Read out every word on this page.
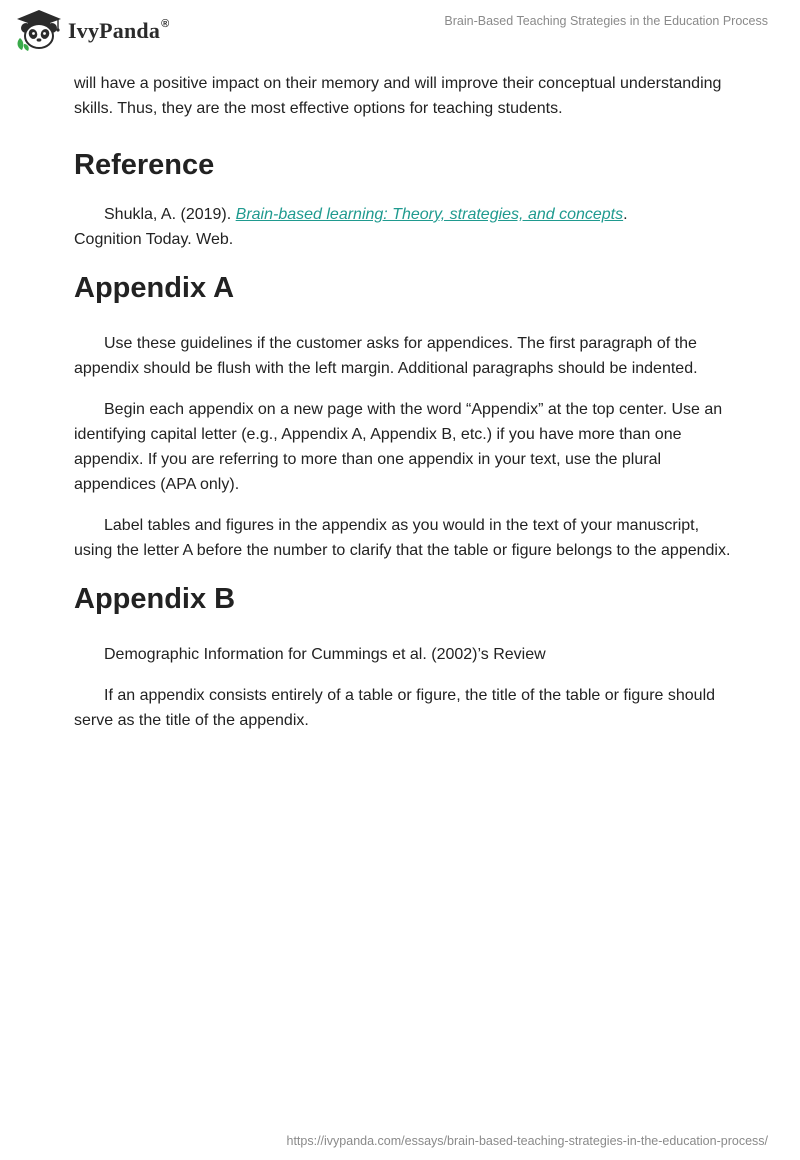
IvyPanda®	Brain-Based Teaching Strategies in the Education Process

will have a positive impact on their memory and will improve their conceptual understanding skills. Thus, they are the most effective options for teaching students.

Reference

Shukla, A. (2019). Brain-based learning: Theory, strategies, and concepts.
Cognition Today. Web.

Appendix A

Use these guidelines if the customer asks for appendices. The first paragraph of the appendix should be flush with the left margin. Additional paragraphs should be indented.

Begin each appendix on a new page with the word “Appendix” at the top center. Use an identifying capital letter (e.g., Appendix A, Appendix B, etc.) if you have more than one appendix. If you are referring to more than one appendix in your text, use the plural appendices (APA only).

Label tables and figures in the appendix as you would in the text of your manuscript, using the letter A before the number to clarify that the table or figure belongs to the appendix.

Appendix B

Demographic Information for Cummings et al. (2002)’s Review

If an appendix consists entirely of a table or figure, the title of the table or figure should serve as the title of the appendix.

https://ivypanda.com/essays/brain-based-teaching-strategies-in-the-education-process/
